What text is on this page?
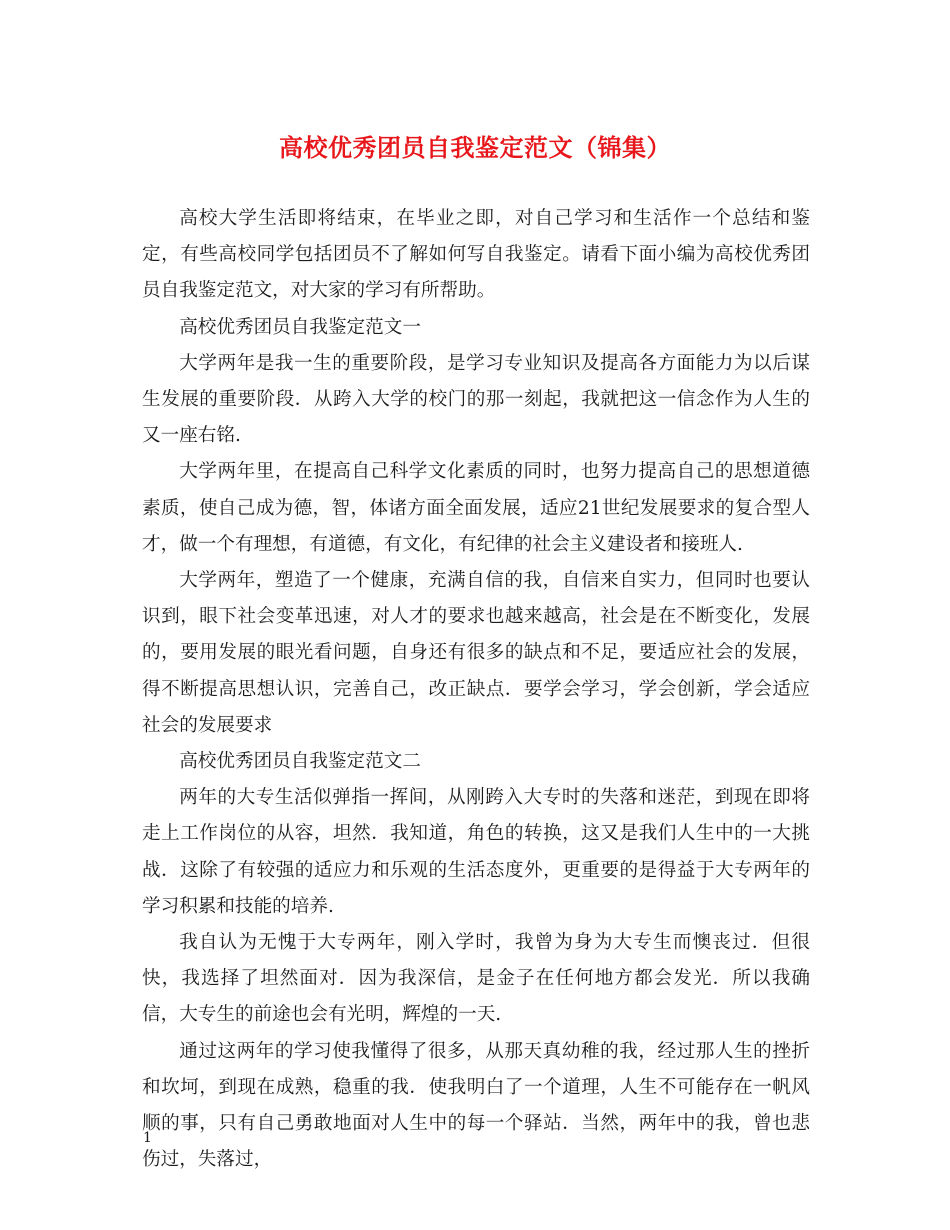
高校优秀团员自我鉴定范文（锦集）

高校大学生活即将结束，在毕业之即，对自己学习和生活作一个总结和鉴定，有些高校同学包括团员不了解如何写自我鉴定。请看下面小编为高校优秀团员自我鉴定范文，对大家的学习有所帮助。

高校优秀团员自我鉴定范文一

大学两年是我一生的重要阶段，是学习专业知识及提高各方面能力为以后谋生发展的重要阶段．从跨入大学的校门的那一刻起，我就把这一信念作为人生的又一座右铭.

大学两年里，在提高自己科学文化素质的同时，也努力提高自己的思想道德素质，使自己成为德，智，体诸方面全面发展，适应21世纪发展要求的复合型人才，做一个有理想，有道德，有文化，有纪律的社会主义建设者和接班人.

大学两年，塑造了一个健康，充满自信的我，自信来自实力，但同时也要认识到，眼下社会变革迅速，对人才的要求也越来越高，社会是在不断变化，发展的，要用发展的眼光看问题，自身还有很多的缺点和不足，要适应社会的发展，得不断提高思想认识，完善自己，改正缺点．要学会学习，学会创新，学会适应社会的发展要求

高校优秀团员自我鉴定范文二

两年的大专生活似弹指一挥间，从刚跨入大专时的失落和迷茫，到现在即将走上工作岗位的从容，坦然．我知道，角色的转换，这又是我们人生中的一大挑战．这除了有较强的适应力和乐观的生活态度外，更重要的是得益于大专两年的学习积累和技能的培养.

我自认为无愧于大专两年，刚入学时，我曾为身为大专生而懊丧过．但很快，我选择了坦然面对．因为我深信，是金子在任何地方都会发光．所以我确信，大专生的前途也会有光明，辉煌的一天.

通过这两年的学习使我懂得了很多，从那天真幼稚的我，经过那人生的挫折和坎坷，到现在成熟，稳重的我．使我明白了一个道理，人生不可能存在一帆风顺的事，只有自己勇敢地面对人生中的每一个驿站．当然，两年中的我，曾也悲伤过，失落过，

1
